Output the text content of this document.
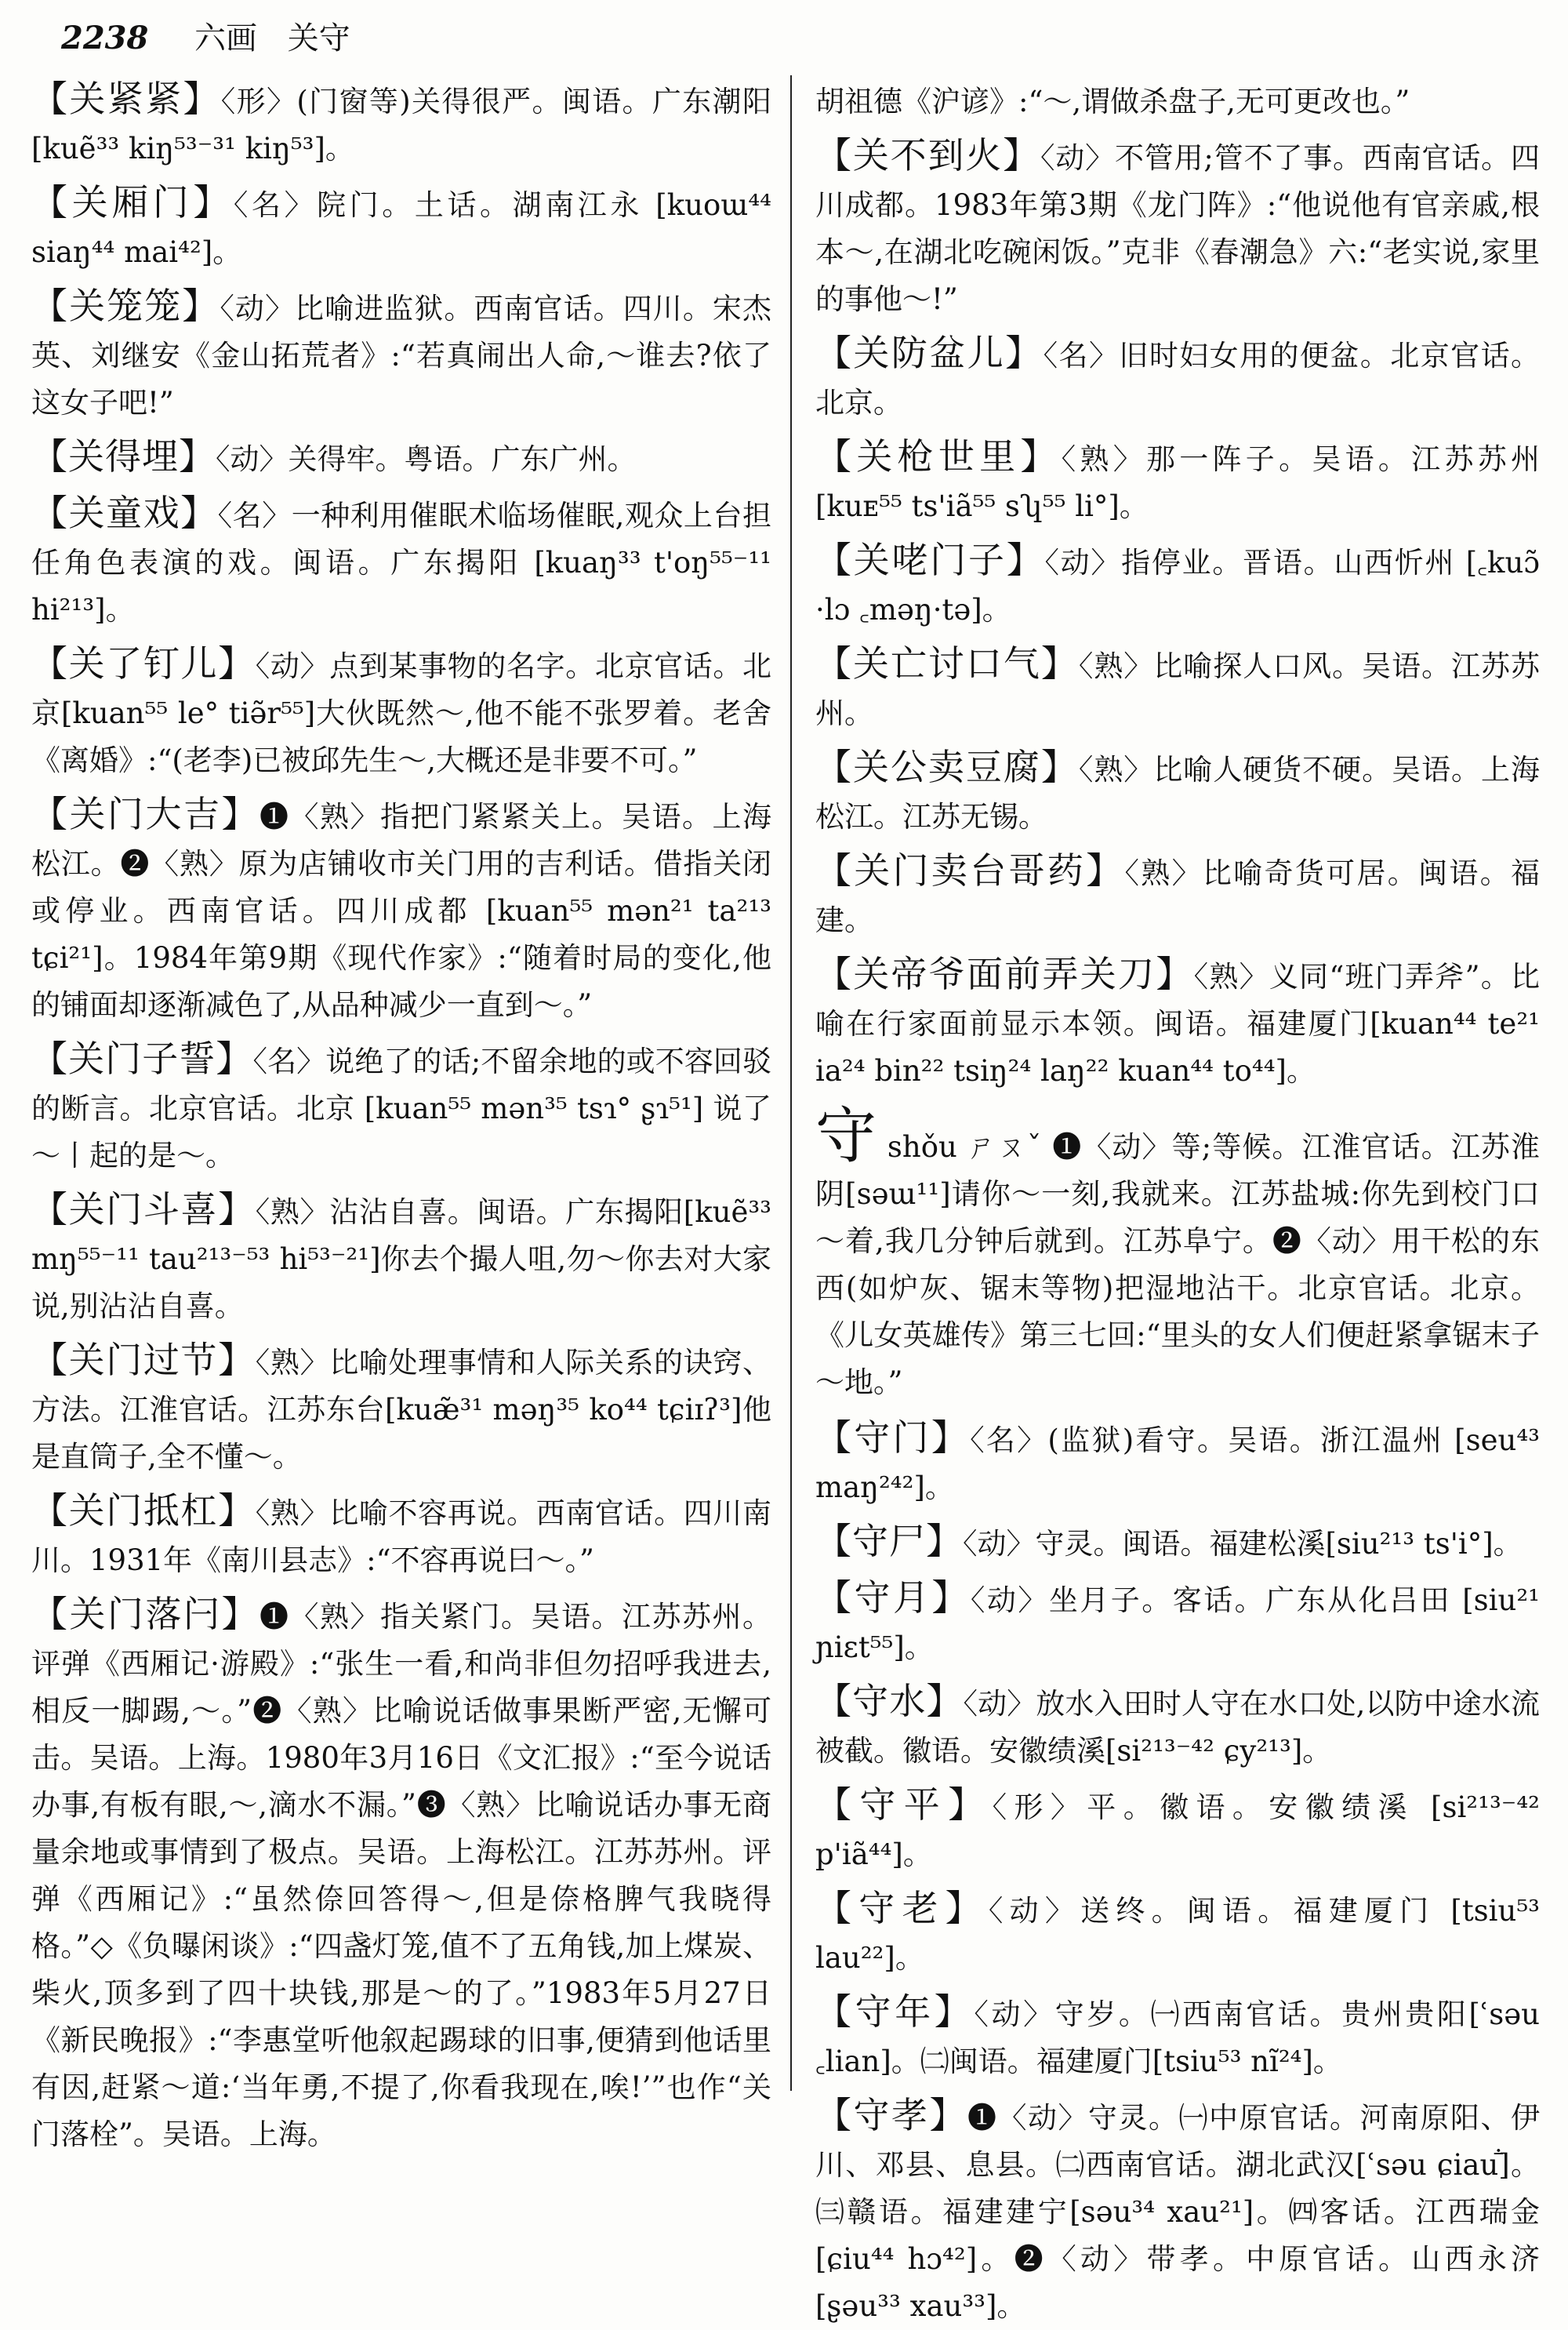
2238 六画 关守
【关紧紧】〈形〉(门窗等)关得很严。闽语。广东潮阳[kuẽ³³ kiŋ⁵³⁻³¹ kiŋ⁵³]。
【关厢门】〈名〉院门。土话。湖南江永 [kuoɯ⁴⁴ siaŋ⁴⁴ mai⁴²]。
【关笼笼】〈动〉比喻进监狱。西南官话。四川。宋杰英、刘继安《金山拓荒者》:“若真闹出人命,～谁去?依了这女子吧!”
【关得埋】〈动〉关得牢。粤语。广东广州。
【关童戏】〈名〉一种利用催眠术临场催眠,观众上台担任角色表演的戏。闽语。广东揭阳 [kuaŋ³³ t'oŋ⁵⁵⁻¹¹ hi²¹³]。
【关了钉儿】〈动〉点到某事物的名字。北京官话。北京[kuan⁵⁵ le° tiə̃r⁵⁵]大伙既然～,他不能不张罗着。老舍《离婚》:“(老李)已被邱先生～,大概还是非要不可。”
【关门大吉】❶〈熟〉指把门紧紧关上。吴语。上海松江。❷〈熟〉原为店铺收市关门用的吉利话。借指关闭或停业。西南官话。四川成都 [kuan⁵⁵ mən²¹ ta²¹³ tɕi²¹]。1984年第9期《现代作家》:“随着时局的变化,他的铺面却逐渐减色了,从品种减少一直到～。”
【关门子誓】〈名〉说绝了的话;不留余地的或不容回驳的断言。北京官话。北京 [kuan⁵⁵ mən³⁵ tsɿ° ʂɿ⁵¹] 说了～丨起的是～。
【关门斗喜】〈熟〉沾沾自喜。闽语。广东揭阳[kuẽ³³ mŋ⁵⁵⁻¹¹ tau²¹³⁻⁵³ hi⁵³⁻²¹]你去个撮人咀,勿～你去对大家说,别沾沾自喜。
【关门过节】〈熟〉比喻处理事情和人际关系的诀窍、方法。江淮官话。江苏东台[kuæ̃³¹ məŋ³⁵ ko⁴⁴ tɕiɪʔ³]他是直筒子,全不懂～。
【关门抵杠】〈熟〉比喻不容再说。西南官话。四川南川。1931年《南川县志》:“不容再说曰～。”
【关门落闩】❶〈熟〉指关紧门。吴语。江苏苏州。评弹《西厢记·游殿》:“张生一看,和尚非但勿招呼我进去,相反一脚踢,～。”❷〈熟〉比喻说话做事果断严密,无懈可击。吴语。上海。1980年3月16日《文汇报》:“至今说话办事,有板有眼,～,滴水不漏。”❸〈熟〉比喻说话办事无商量余地或事情到了极点。吴语。上海松江。江苏苏州。评弹《西厢记》:“虽然倷回答得～,但是倷格脾气我晓得格。”◇《负曝闲谈》:“四盏灯笼,值不了五角钱,加上煤炭、柴火,顶多到了四十块钱,那是～的了。”1983年5月27日《新民晚报》:“李惠堂听他叙起踢球的旧事,便猜到他话里有因,赶紧～道:‘当年勇,不提了,你看我现在,唉!’”也作“关门落栓”。吴语。上海。
胡祖德《沪谚》:“～,谓做杀盘子,无可更改也。”
【关不到火】〈动〉不管用;管不了事。西南官话。四川成都。1983年第3期《龙门阵》:“他说他有官亲戚,根本～,在湖北吃碗闲饭。”克非《春潮急》六:“老实说,家里的事他～!”
【关防盆儿】〈名〉旧时妇女用的便盆。北京官话。北京。
【关枪世里】〈熟〉那一阵子。吴语。江苏苏州[kuᴇ⁵⁵ ts'iã⁵⁵ sʮ⁵⁵ li°]。
【关咾门子】〈动〉指停业。晋语。山西忻州 [꜀kuɔ̃ ·lɔ ꜀məŋ·tə]。
【关亡讨口气】〈熟〉比喻探人口风。吴语。江苏苏州。
【关公卖豆腐】〈熟〉比喻人硬货不硬。吴语。上海松江。江苏无锡。
【关门卖台哥药】〈熟〉比喻奇货可居。闽语。福建。
【关帝爷面前弄关刀】〈熟〉义同“班门弄斧”。比喻在行家面前显示本领。闽语。福建厦门[kuan⁴⁴ te²¹ ia²⁴ bin²² tsiŋ²⁴ laŋ²² kuan⁴⁴ to⁴⁴]。
守 shǒu ㄕㄡˇ ❶〈动〉等;等候。江淮官话。江苏淮阴[səɯ¹¹]请你～一刻,我就来。江苏盐城:你先到校门口～着,我几分钟后就到。江苏阜宁。❷〈动〉用干松的东西(如炉灰、锯末等物)把湿地沾干。北京官话。北京。《儿女英雄传》第三七回:“里头的女人们便赶紧拿锯末子～地。”
【守门】〈名〉(监狱)看守。吴语。浙江温州 [seu⁴³ maŋ²⁴²]。
【守尸】〈动〉守灵。闽语。福建松溪[siu²¹³ ts'i°]。
【守月】〈动〉坐月子。客话。广东从化吕田 [siu²¹ ɲiɛt⁵⁵]。
【守水】〈动〉放水入田时人守在水口处,以防中途水流被截。徽语。安徽绩溪[si²¹³⁻⁴² ɕy²¹³]。
【守平】〈形〉平。徽语。安徽绩溪 [si²¹³⁻⁴² p'iã⁴⁴]。
【守老】〈动〉送终。闽语。福建厦门 [tsiu⁵³ lau²²]。
【守年】〈动〉守岁。㈠西南官话。贵州贵阳[ʿsəu ꜀lian]。㈡闽语。福建厦门[tsiu⁵³ nĩ²⁴]。
【守孝】❶〈动〉守灵。㈠中原官话。河南原阳、伊川、邓县、息县。㈡西南官话。湖北武汉[ʿsəu ɕiauꜙ]。㈢赣语。福建建宁[səu³⁴ xau²¹]。㈣客话。江西瑞金[ɕiu⁴⁴ hɔ⁴²]。❷〈动〉带孝。中原官话。山西永济[ʂəu³³ xau³³]。
